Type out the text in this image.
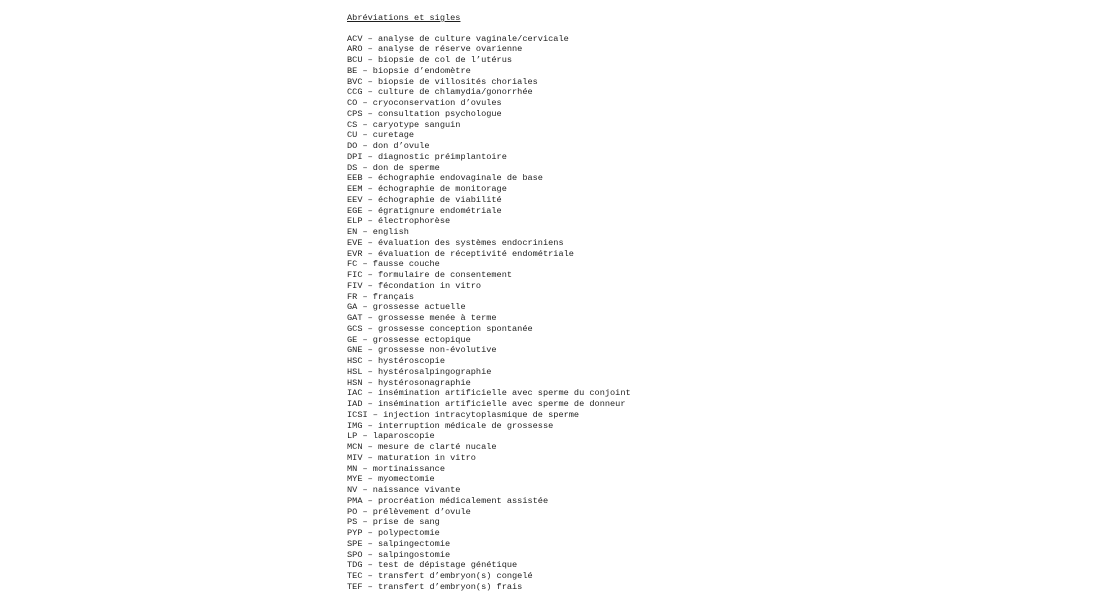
Abréviations et sigles
ACV – analyse de culture vaginale/cervicale
ARO – analyse de réserve ovarienne
BCU – biopsie de col de l’utérus
BE – biopsie d’endomètre
BVC – biopsie de villosités choriales
CCG – culture de chlamydia/gonorrhée
CO – cryoconservation d’ovules
CPS – consultation psychologue
CS – caryotype sanguin
CU – curetage
DO – don d’ovule
DPI – diagnostic préimplantoire
DS – don de sperme
EEB – échographie endovaginale de base
EEM – échographie de monitorage
EEV – échographie de viabilité
EGE – égratignure endométriale
ELP – électrophorèse
EN – english
EVE – évaluation des systèmes endocriniens
EVR – évaluation de réceptivité endométriale
FC – fausse couche
FIC – formulaire de consentement
FIV – fécondation in vitro
FR – français
GA – grossesse actuelle
GAT – grossesse menée à terme
GCS – grossesse conception spontanée
GE – grossesse ectopique
GNE – grossesse non-évolutive
HSC – hystéroscopie
HSL – hystérosalpingographie
HSN – hystérosonagraphie
IAC – insémination artificielle avec sperme du conjoint
IAD – insémination artificielle avec sperme de donneur
ICSI – injection intracytoplasmique de sperme
IMG – interruption médicale de grossesse
LP – laparoscopie
MCN – mesure de clarté nucale
MIV – maturation in vitro
MN – mortinaissance
MYE – myomectomie
NV – naissance vivante
PMA – procréation médicalement assistée
PO – prélèvement d’ovule
PS – prise de sang
PYP – polypectomie
SPE – salpingectomie
SPO – salpingostomie
TDG – test de dépistage génétique
TEC – transfert d’embryon(s) congelé
TEF – transfert d’embryon(s) frais
